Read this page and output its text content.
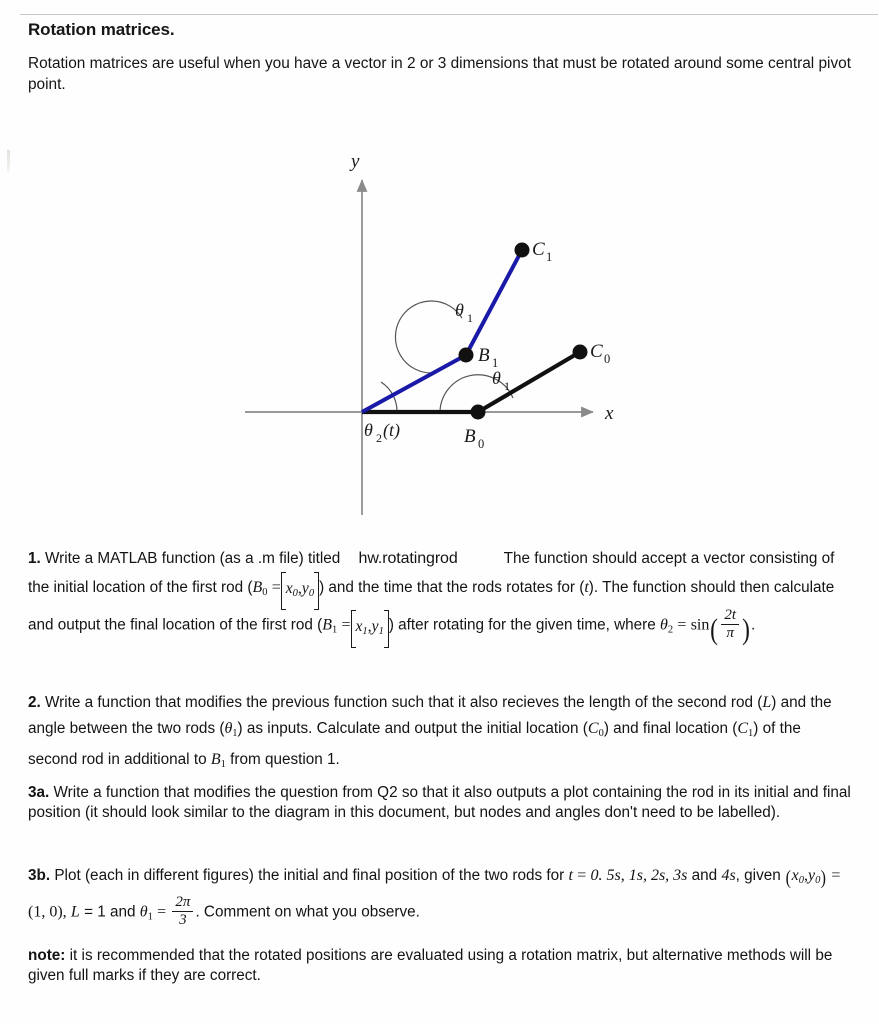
Rotation matrices.
Rotation matrices are useful when you have a vector in 2 or 3 dimensions that must be rotated around some central pivot point.
x
y
C 1
C 0
B 1
B 0
θ 1
θ 1
θ 2 (t)
1. Write a MATLAB function (as a .m file) titled hw.rotatingrod	The function should accept a vector consisting of the initial location of the first rod ($B_0 = x_0,y_0$ ) and the time that the rods rotates for (t). The function should then calculate and output the final location of the first rod ($B_1 = x_1,y_1$ ) after rotating for the given time, where $\theta_2 = \sin( \frac{2t}{\pi}$ ).
2. Write a function that modifies the previous function such that it also recieves the length of the second rod (L) and the angle between the two rods $(\theta_1)$ as inputs. Calculate and output the initial location $(C_0)$ and final location $(C_1)$ of the second rod in additional to $B_1$ from question 1.
3a. Write a function that modifies the question from Q2 so that it also outputs a plot containing the rod in its initial and final position (it should look similar to the diagram in this document, but nodes and angles don't need to be labelled).
3b. Plot (each in different figures) the initial and final position of the two rods for t = 0. 5s, 1s, 2s, 3s and 4s, given $(x_0,y_0) = (1$, 0), L = 1 and $\theta_1 = \frac{2\pi}{3}$ . Comment on what you observe.
note: it is recommended that the rotated positions are evaluated using a rotation matrix, but alternative methods will be given full marks if they are correct.
